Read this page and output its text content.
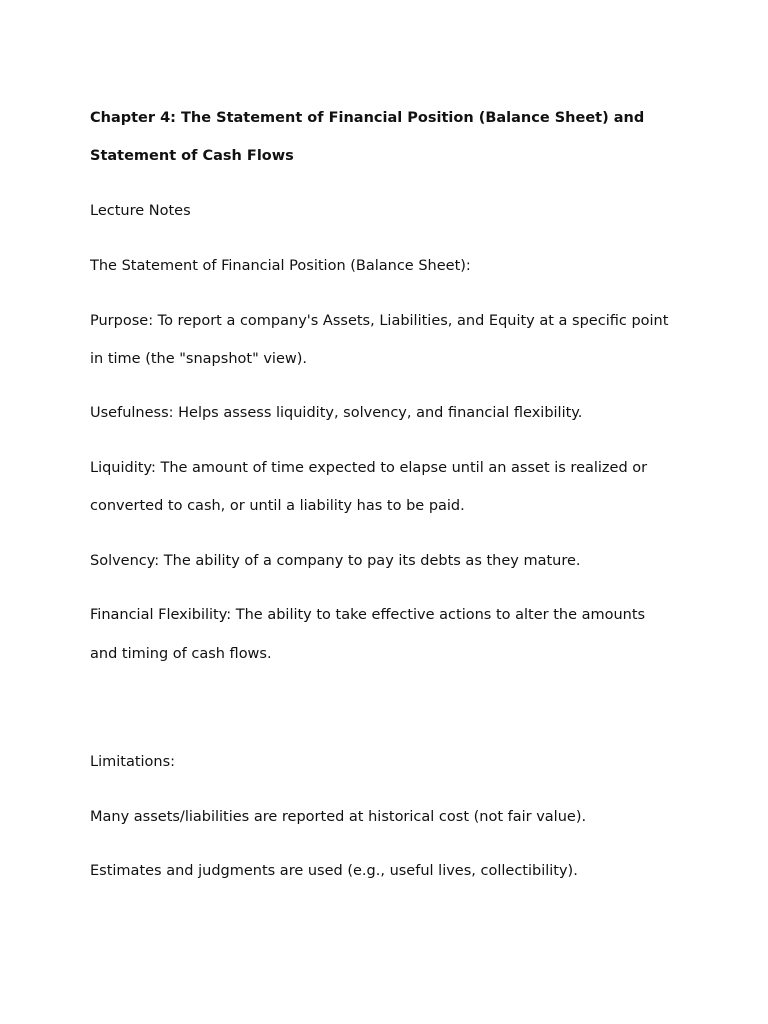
Chapter 4: The Statement of Financial Position (Balance Sheet) and
Statement of Cash Flows
Lecture Notes
The Statement of Financial Position (Balance Sheet):
Purpose: To report a company's Assets, Liabilities, and Equity at a specific point
in time (the "snapshot" view).
Usefulness: Helps assess liquidity, solvency, and financial flexibility.
Liquidity: The amount of time expected to elapse until an asset is realized or
converted to cash, or until a liability has to be paid.
Solvency: The ability of a company to pay its debts as they mature.
Financial Flexibility: The ability to take effective actions to alter the amounts
and timing of cash flows.
Limitations:
Many assets/liabilities are reported at historical cost (not fair value).
Estimates and judgments are used (e.g., useful lives, collectibility).
